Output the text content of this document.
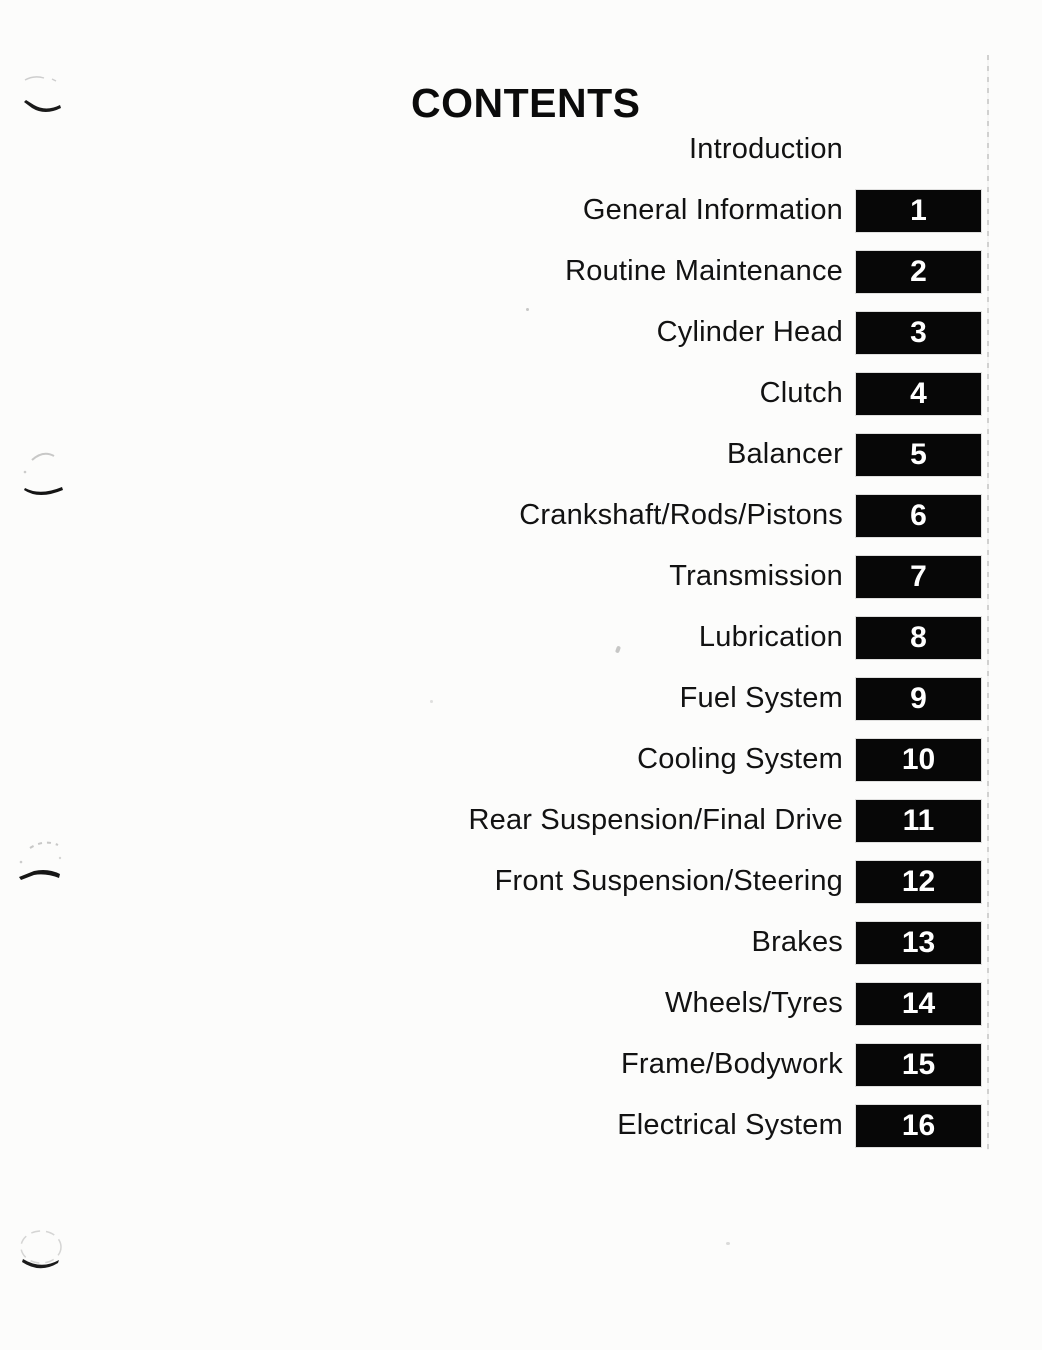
CONTENTS
Introduction
General Information 1
Routine Maintenance 2
Cylinder Head 3
Clutch 4
Balancer 5
Crankshaft/Rods/Pistons 6
Transmission 7
Lubrication 8
Fuel System 9
Cooling System 10
Rear Suspension/Final Drive 11
Front Suspension/Steering 12
Brakes 13
Wheels/Tyres 14
Frame/Bodywork 15
Electrical System 16
